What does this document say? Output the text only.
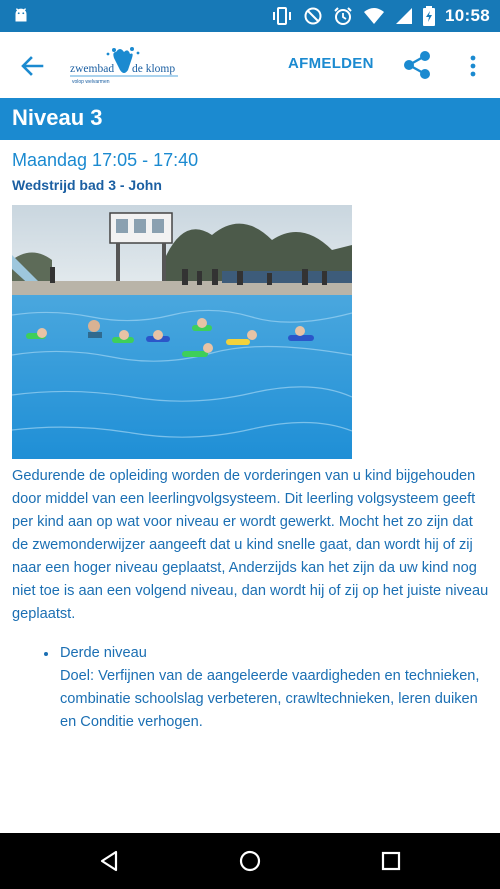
10:58
zwembad de klomp
volop welvarmen
AFMELDEN
Niveau 3
Maandag 17:05 - 17:40
Wedstrijd bad 3 - John
Gedurende de opleiding worden de vorderingen van u kind bijgehouden door middel van een leerlingvolgsysteem. Dit leerling volgsysteem geeft per kind aan op wat voor niveau er wordt gewerkt. Mocht het zo zijn dat de zwemonderwijzer aangeeft dat u kind snelle gaat, dan wordt hij of zij naar een hoger niveau geplaatst, Anderzijds kan het zijn da uw kind nog niet toe is aan een volgend niveau, dan wordt hij of zij op het juiste niveau geplaatst.
Derde niveau
Doel: Verfijnen van de aangeleerde vaardigheden en technieken, combinatie schoolslag verbeteren, crawltechnieken, leren duiken en Conditie verhogen.
